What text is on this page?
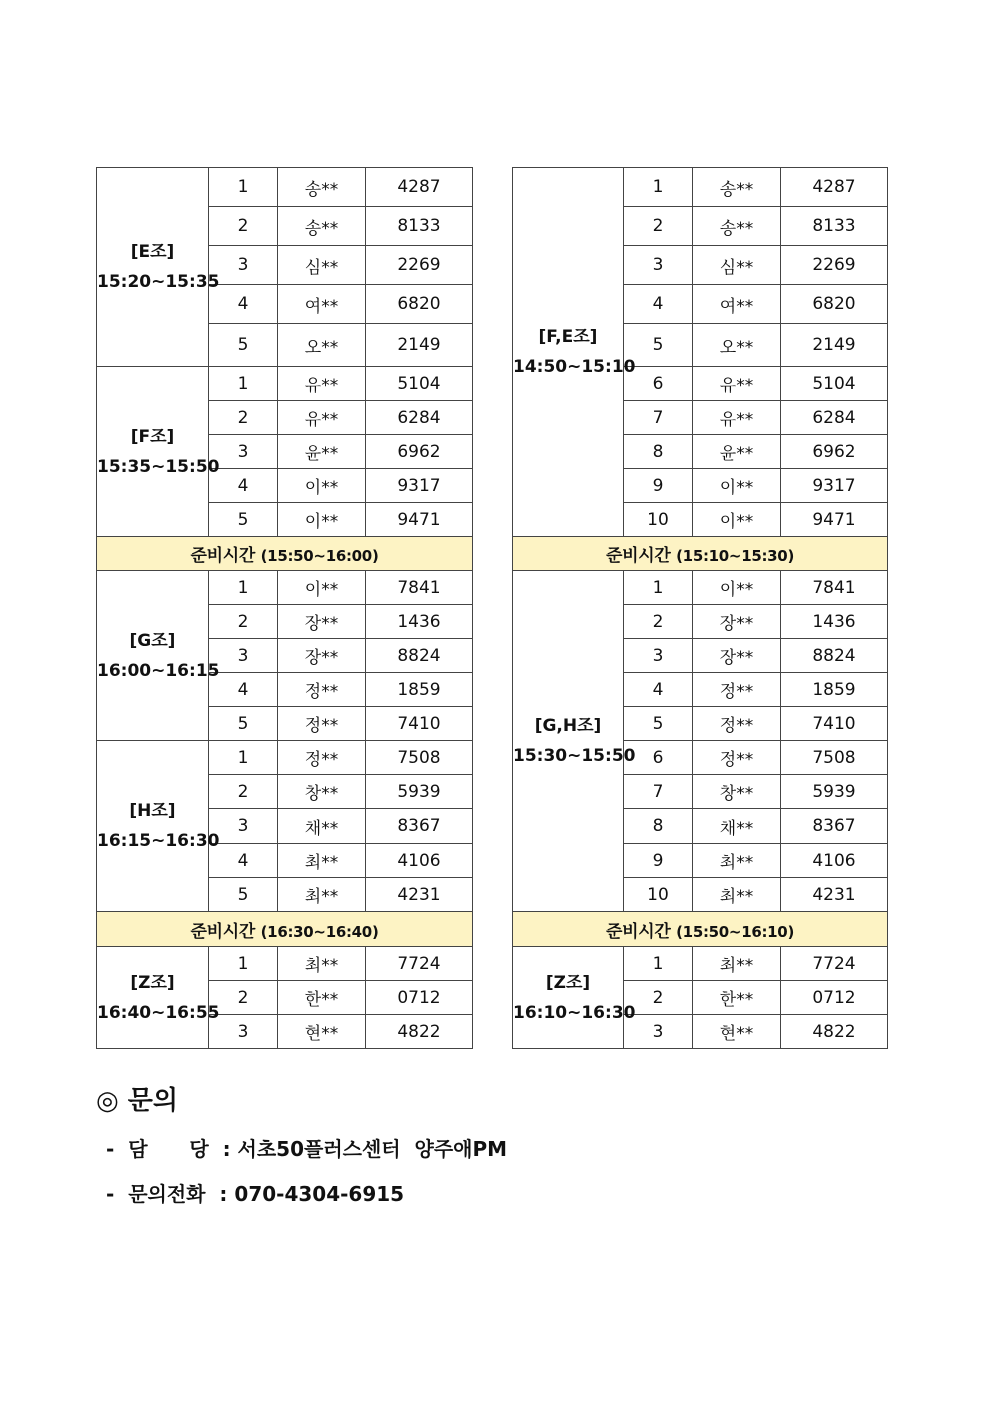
[E조]
15:20~15:35	1	송**	4287
	2	송**	8133
	3	심**	2269
	4	여**	6820
	5	오**	2149

[F조]
15:35~15:50	1	유**	5104
	2	유**	6284
	3	윤**	6962
	4	이**	9317
	5	이**	9471
준비시간 (15:50~16:00)			

[G조]
16:00~16:15	1	이**	7841
	2	장**	1436
	3	장**	8824
	4	정**	1859
	5	정**	7410

[H조]
16:15~16:30	1	정**	7508
	2	창**	5939
	3	채**	8367
	4	최**	4106
	5	최**	4231
준비시간 (16:30~16:40)			

[Z조]
16:40~16:55	1	최**	7724
	2	한**	0712
	3	현**	4822
[F,E조]
14:50~15:10	1	송**	4287
	2	송**	8133
	3	심**	2269
	4	여**	6820
	5	오**	2149
	6	유**	5104
	7	유**	6284
	8	윤**	6962
	9	이**	9317
	10	이**	9471
준비시간 (15:10~15:30)			

[G,H조]
15:30~15:50	1	이**	7841
	2	장**	1436
	3	장**	8824
	4	정**	1859
	5	정**	7410
	6	정**	7508
	7	창**	5939
	8	채**	8367
	9	최**	4106
	10	최**	4231
준비시간 (15:50~16:10)			

[Z조]
16:10~16:30	1	최**	7724
	2	한**	0712
	3	현**	4822

◎ 문의

-  담      당  : 서초50플러스센터  양주애PM
-  문의전화  : 070-4304-6915
